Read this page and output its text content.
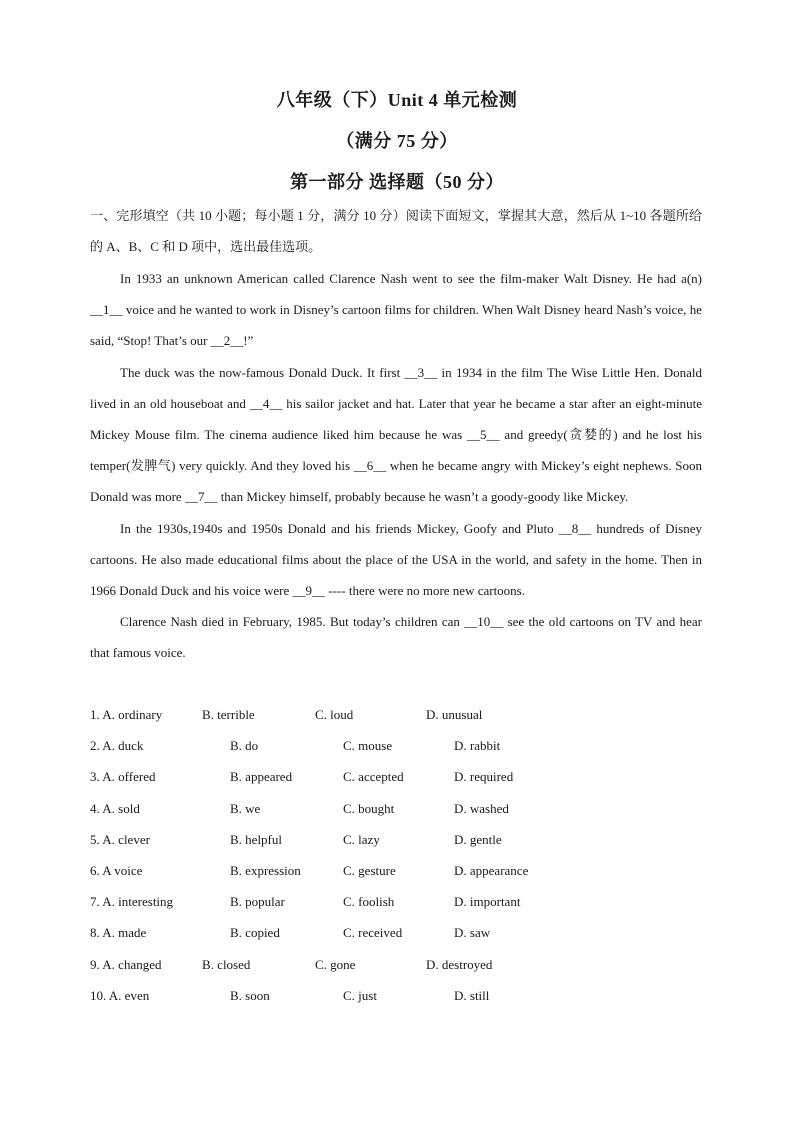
八年级（下）Unit 4 单元检测
（满分 75 分）
第一部分 选择题（50 分）

一、完形填空（共 10 小题；每小题 1 分，满分 10 分）阅读下面短文，掌握其大意，然后从 1~10 各题所给的 A、B、C 和 D 项中，选出最佳选项。

In 1933 an unknown American called Clarence Nash went to see the film-maker Walt Disney. He had a(n) __1__ voice and he wanted to work in Disney’s cartoon films for children. When Walt Disney heard Nash’s voice, he said, “Stop! That’s our __2__!”

The duck was the now-famous Donald Duck. It first __3__ in 1934 in the film The Wise Little Hen. Donald lived in an old houseboat and __4__ his sailor jacket and hat. Later that year he became a star after an eight-minute Mickey Mouse film. The cinema audience liked him because he was __5__ and greedy(贪婪的) and he lost his temper(发脾气) very quickly. And they loved his __6__ when he became angry with Mickey’s eight nephews. Soon Donald was more __7__ than Mickey himself, probably because he wasn’t a goody-goody like Mickey.

In the 1930s,1940s and 1950s Donald and his friends Mickey, Goofy and Pluto __8__ hundreds of Disney cartoons. He also made educational films about the place of the USA in the world, and safety in the home. Then in 1966 Donald Duck and his voice were __9__ ---- there were no more new cartoons.

Clarence Nash died in February, 1985. But today’s children can __10__ see the old cartoons on TV and hear that famous voice.

1. A. ordinary	B. terrible	C. loud	D. unusual
2. A. duck	B. do	C. mouse	D. rabbit
3. A. offered	B. appeared	C. accepted	D. required
4. A. sold	B. we	C. bought	D. washed
5. A. clever	B. helpful	C. lazy	D. gentle
6. A voice	B. expression	C. gesture	D. appearance
7. A. interesting	B. popular	C. foolish	D. important
8. A. made	B. copied	C. received	D. saw
9. A. changed	B. closed	C. gone	D. destroyed
10. A. even	B. soon	C. just	D. still
